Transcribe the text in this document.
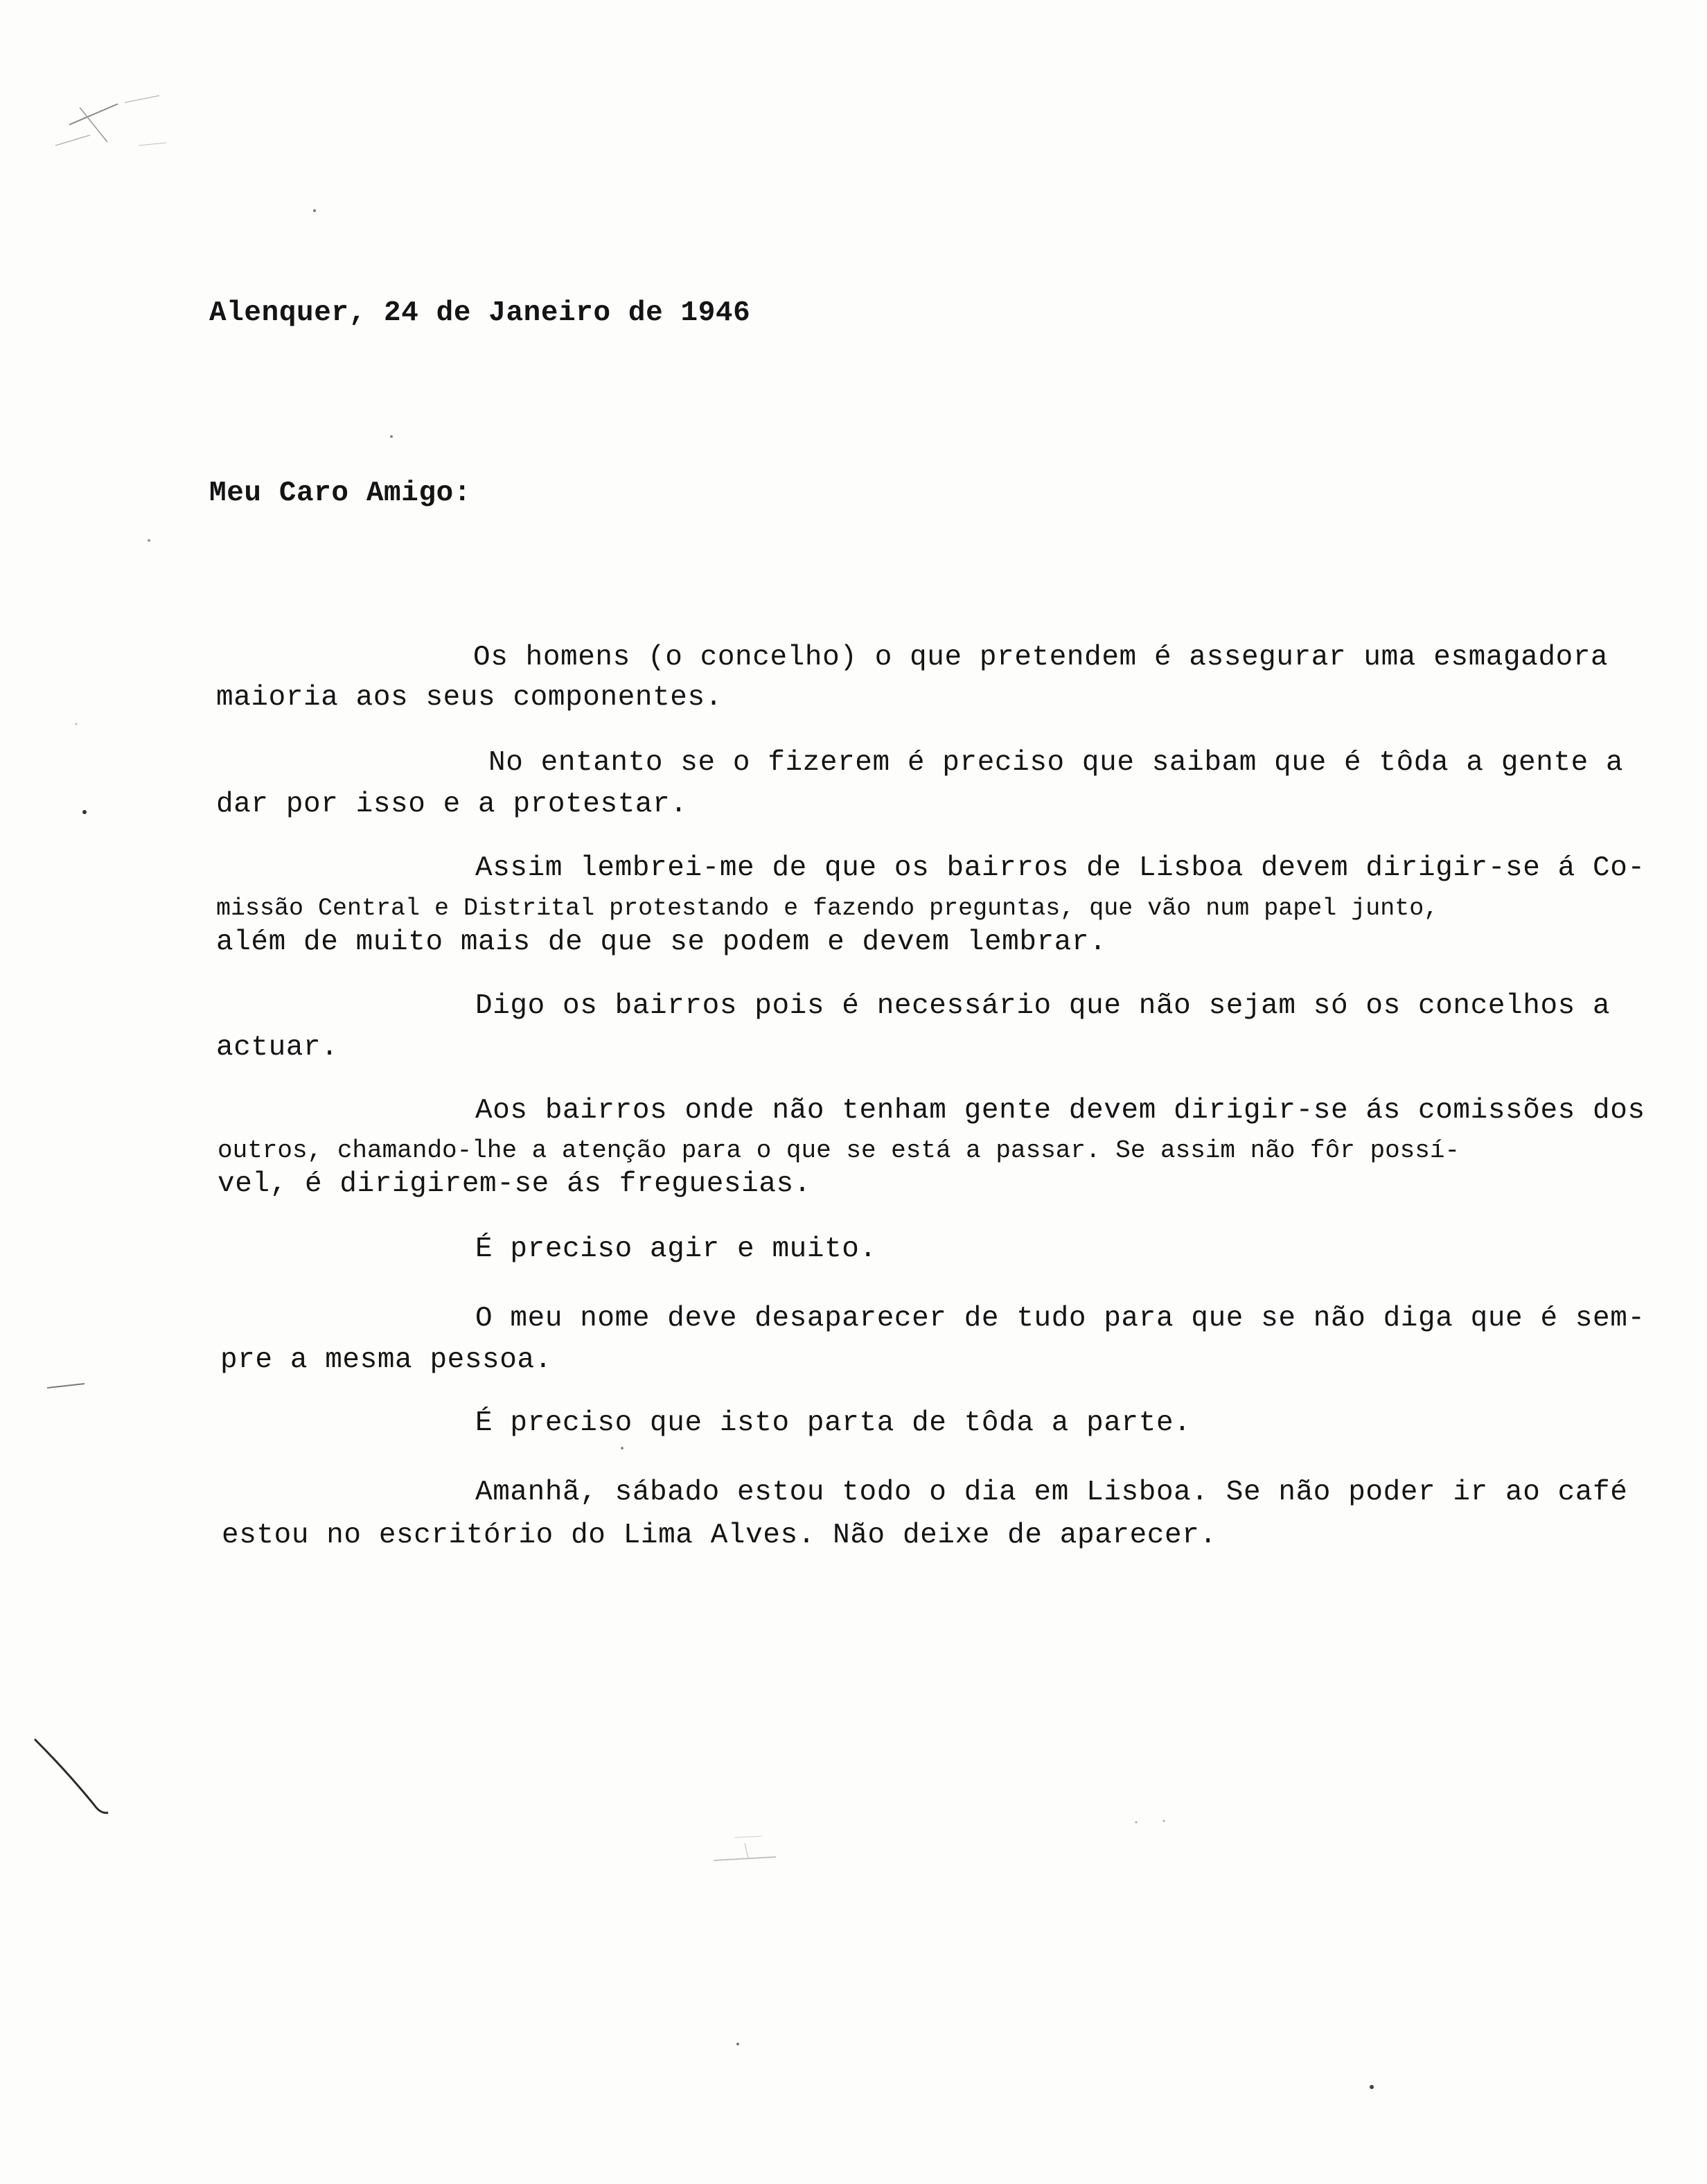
Alenquer, 24 de Janeiro de 1946

Meu Caro Amigo:

Os homens (o concelho) o que pretendem é assegurar uma esmagadora

maioria aos seus componentes.

No entanto se o fizerem é preciso que saibam que é tôda a gente a

dar por isso e a protestar.

Assim lembrei-me de que os bairros de Lisboa devem dirigir-se á Co-

missão Central e Distrital protestando e fazendo preguntas, que vão num papel junto,

além de muito mais de que se podem e devem lembrar.

Digo os bairros pois é necessário que não sejam só os concelhos a

actuar.

Aos bairros onde não tenham gente devem dirigir-se ás comissões dos

outros, chamando-lhe a atenção para o que se está a passar. Se assim não fôr possí-

vel, é dirigirem-se ás freguesias.

É preciso agir e muito.

O meu nome deve desaparecer de tudo para que se não diga que é sem-

pre a mesma pessoa.

É preciso que isto parta de tôda a parte.

Amanhã, sábado estou todo o dia em Lisboa. Se não poder ir ao café

estou no escritório do Lima Alves. Não deixe de aparecer.
